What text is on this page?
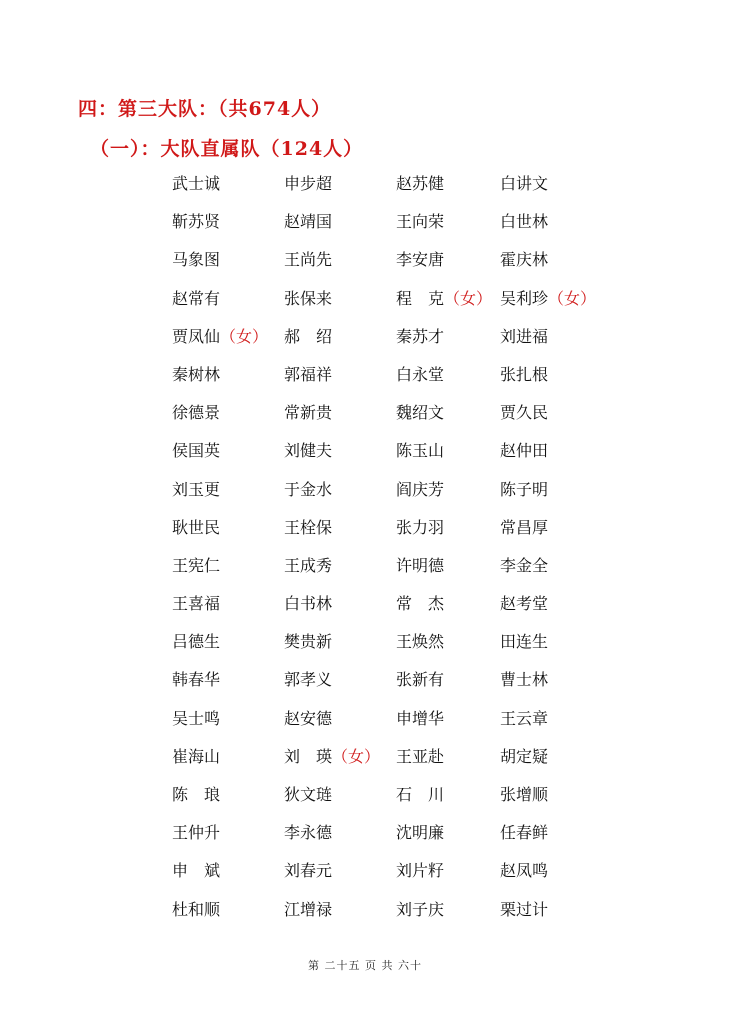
四：第三大队：（共674人）
（一）：大队直属队（124人）
武士诚	申步超	赵苏健	白讲文
靳苏贤	赵靖国	王向荣	白世林
马象图	王尚先	李安唐	霍庆林
赵常有	张保来	程　克（女） 吴利珍（女）
贾凤仙（女） 郝　绍	秦苏才	刘进福
秦树林	郭福祥	白永堂	张扎根
徐德景	常新贵	魏绍文	贾久民
侯国英	刘健夫	陈玉山	赵仲田
刘玉更	于金水	阎庆芳	陈子明
耿世民	王栓保	张力羽	常昌厚
王宪仁	王成秀	许明德	李金全
王喜福	白书林	常　杰	赵考堂
吕德生	樊贵新	王焕然	田连生
韩春华	郭孝义	张新有	曹士林
吴士鸣	赵安德	申增华	王云章
崔海山	刘　瑛（女） 王亚赴	胡定疑
陈　琅	狄文琏	石　川	张增顺
王仲升	李永德	沈明廉	任春鲜
申　斌	刘春元	刘片籽	赵凤鸣
杜和顺	江增禄	刘子庆	栗过计
第 二十五 页 共 六十
